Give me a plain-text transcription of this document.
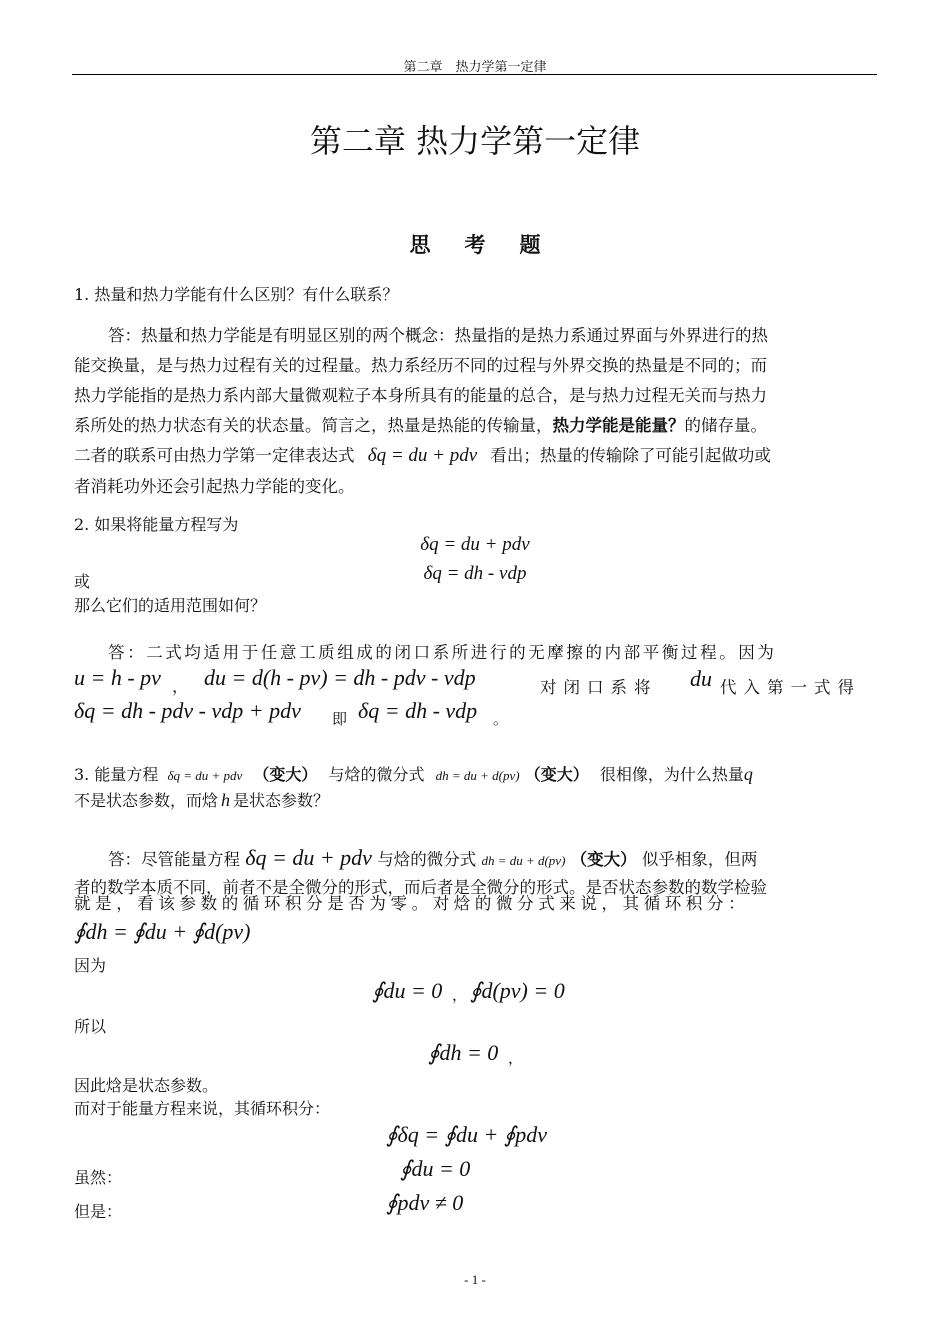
第二章　热力学第一定律
第二章 热力学第一定律
思考题
1. 热量和热力学能有什么区别？有什么联系？
答：热量和热力学能是有明显区别的两个概念：热量指的是热力系通过界面与外界进行的热
能交换量，是与热力过程有关的过程量。热力系经历不同的过程与外界交换的热量是不同的；而
热力学能指的是热力系内部大量微观粒子本身所具有的能量的总合，是与热力过程无关而与热力
系所处的热力状态有关的状态量。简言之，热量是热能的传输量，热力学能是能量？的储存量。
二者的联系可由热力学第一定律表达式 δq = du + pdv 看出；热量的传输除了可能引起做功或
者消耗功外还会引起热力学能的变化。
2. 如果将能量方程写为
δq = du + pdv
或	δq = dh - vdp
那么它们的适用范围如何？
答：二式均适用于任意工质组成的闭口系所进行的无摩擦的内部平衡过程。因为
u = h - pv ， du = d(h - pv) = dh - pdv - vdp	对闭口系将 du 代入第一式得
δq = dh - pdv - vdp + pdv 即 δq = dh - vdp 。
3. 能量方程 δq = du + pdv （变大） 与焓的微分式 dh = du + d(pv) （变大） 很相像，为什么热量q
不是状态参数，而焓 h 是状态参数？
答：尽管能量方程 δq = du + pdv 与焓的微分式 dh = du + d(pv) （变大） 似乎相象，但两
者的数学本质不同，前者不是全微分的形式，而后者是全微分的形式。是否状态参数的数学检验
就是，看该参数的循环积分是否为零。对焓的微分式来说，其循环积分：
∮dh = ∮du + ∮d(pv)
因为
∮du = 0 ， ∮d(pv) = 0
所以
∮dh = 0 ，
因此焓是状态参数。
而对于能量方程来说，其循环积分：
∮δq = ∮du + ∮pdv
虽然：	∮du = 0
但是：	∮pdv ≠ 0
- 1 -
